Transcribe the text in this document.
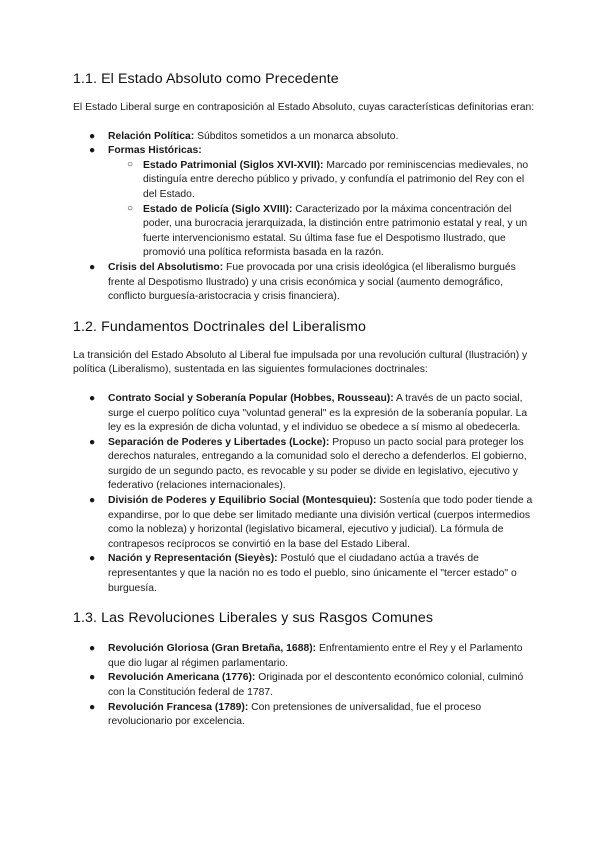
1.1. El Estado Absoluto como Precedente

El Estado Liberal surge en contraposición al Estado Absoluto, cuyas características definitorias eran:

● Relación Política: Súbditos sometidos a un monarca absoluto.
● Formas Históricas:
○ Estado Patrimonial (Siglos XVI-XVII): Marcado por reminiscencias medievales, no distinguía entre derecho público y privado, y confundía el patrimonio del Rey con el del Estado.
○ Estado de Policía (Siglo XVIII): Caracterizado por la máxima concentración del poder, una burocracia jerarquizada, la distinción entre patrimonio estatal y real, y un fuerte intervencionismo estatal. Su última fase fue el Despotismo Ilustrado, que promovió una política reformista basada en la razón.
● Crisis del Absolutismo: Fue provocada por una crisis ideológica (el liberalismo burgués frente al Despotismo Ilustrado) y una crisis económica y social (aumento demográfico, conflicto burguesía-aristocracia y crisis financiera).
1.2. Fundamentos Doctrinales del Liberalismo

La transición del Estado Absoluto al Liberal fue impulsada por una revolución cultural (Ilustración) y política (Liberalismo), sustentada en las siguientes formulaciones doctrinales:

● Contrato Social y Soberanía Popular (Hobbes, Rousseau): A través de un pacto social, surge el cuerpo político cuya "voluntad general" es la expresión de la soberanía popular. La ley es la expresión de dicha voluntad, y el individuo se obedece a sí mismo al obedecerla.
● Separación de Poderes y Libertades (Locke): Propuso un pacto social para proteger los derechos naturales, entregando a la comunidad solo el derecho a defenderlos. El gobierno, surgido de un segundo pacto, es revocable y su poder se divide en legislativo, ejecutivo y federativo (relaciones internacionales).
● División de Poderes y Equilibrio Social (Montesquieu): Sostenía que todo poder tiende a expandirse, por lo que debe ser limitado mediante una división vertical (cuerpos intermedios como la nobleza) y horizontal (legislativo bicameral, ejecutivo y judicial). La fórmula de contrapesos recíprocos se convirtió en la base del Estado Liberal.
● Nación y Representación (Sieyès): Postuló que el ciudadano actúa a través de representantes y que la nación no es todo el pueblo, sino únicamente el "tercer estado" o burguesía.
1.3. Las Revoluciones Liberales y sus Rasgos Comunes
● Revolución Gloriosa (Gran Bretaña, 1688): Enfrentamiento entre el Rey y el Parlamento que dio lugar al régimen parlamentario.
● Revolución Americana (1776): Originada por el descontento económico colonial, culminó con la Constitución federal de 1787.
● Revolución Francesa (1789): Con pretensiones de universalidad, fue el proceso revolucionario por excelencia.
